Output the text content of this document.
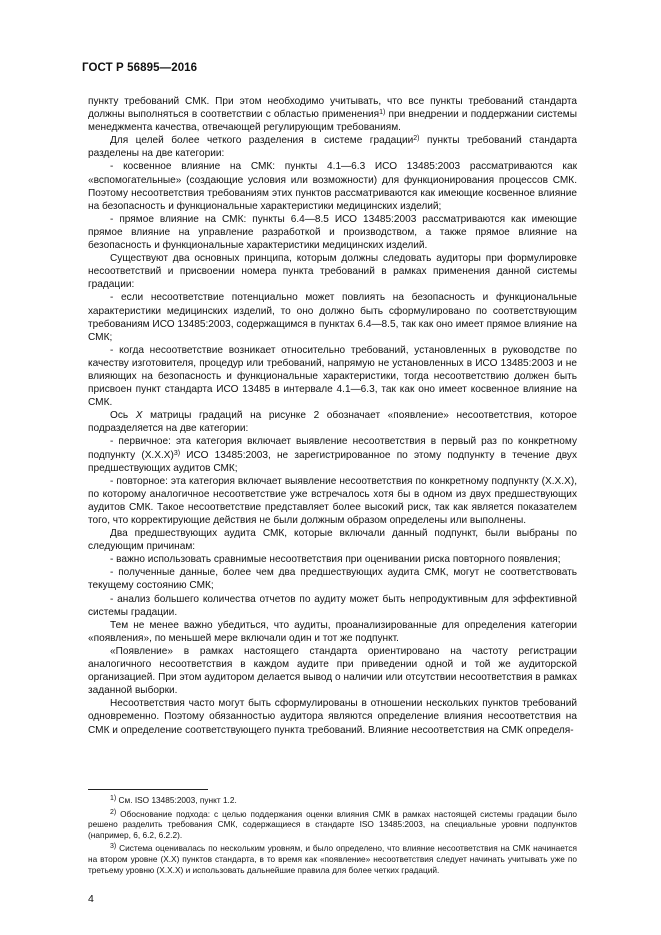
ГОСТ Р 56895—2016

пункту требований СМК. При этом необходимо учитывать, что все пункты требований стандарта должны выполняться в соответствии с областью применения$^{1)}$ при внедрении и поддержании системы менеджмента качества, отвечающей регулирующим требованиям.

Для целей более четкого разделения в системе градации$^{2)}$ пункты требований стандарта разделены на две категории:

- косвенное влияние на СМК: пункты 4.1—6.3 ИСО 13485:2003 рассматриваются как «вспомогательные» (создающие условия или возможности) для функционирования процессов СМК. Поэтому несоответствия требованиям этих пунктов рассматриваются как имеющие косвенное влияние на безопасность и функциональные характеристики медицинских изделий;

- прямое влияние на СМК: пункты 6.4—8.5 ИСО 13485:2003 рассматриваются как имеющие прямое влияние на управление разработкой и производством, а также прямое влияние на безопасность и функциональные характеристики медицинских изделий.

Существуют два основных принципа, которым должны следовать аудиторы при формулировке несоответствий и присвоении номера пункта требований в рамках применения данной системы градации:

- если несоответствие потенциально может повлиять на безопасность и функциональные характеристики медицинских изделий, то оно должно быть сформулировано по соответствующим требованиям ИСО 13485:2003, содержащимся в пунктах 6.4—8.5, так как оно имеет прямое влияние на СМК;

- когда несоответствие возникает относительно требований, установленных в руководстве по качеству изготовителя, процедур или требований, напрямую не установленных в ИСО 13485:2003 и не влияющих на безопасность и функциональные характеристики, тогда несоответствию должен быть присвоен пункт стандарта ИСО 13485 в интервале 4.1—6.3, так как оно имеет косвенное влияние на СМК.

Ось X матрицы градаций на рисунке 2 обозначает «появление» несоответствия, которое подразделяется на две категории:

- первичное: эта категория включает выявление несоответствия в первый раз по конкретному подпункту $(X.X.X)^{3)}$ ИСО 13485:2003, не зарегистрированное по этому подпункту в течение двух предшествующих аудитов СМК;

- повторное: эта категория включает выявление несоответствия по конкретному подпункту (X.X.X), по которому аналогичное несоответствие уже встречалось хотя бы в одном из двух предшествующих аудитов СМК. Такое несоответствие представляет более высокий риск, так как является показателем того, что корректирующие действия не были должным образом определены или выполнены.

Два предшествующих аудита СМК, которые включали данный подпункт, были выбраны по следующим причинам:

- важно использовать сравнимые несоответствия при оценивании риска повторного появления;

- полученные данные, более чем два предшествующих аудита СМК, могут не соответствовать текущему состоянию СМК;

- анализ большего количества отчетов по аудиту может быть непродуктивным для эффективной системы градации.

Тем не менее важно убедиться, что аудиты, проанализированные для определения категории «появления», по меньшей мере включали один и тот же подпункт.

«Появление» в рамках настоящего стандарта ориентировано на частоту регистрации аналогичного несоответствия в каждом аудите при приведении одной и той же аудиторской организацией. При этом аудитором делается вывод о наличии или отсутствии несоответствия в рамках заданной выборки.

Несоответствия часто могут быть сформулированы в отношении нескольких пунктов требований одновременно. Поэтому обязанностью аудитора являются определение влияния несоответствия на СМК и определение соответствующего пункта требований. Влияние несоответствия на СМК определя-

$^{1)}$ См. ISO 13485:2003, пункт 1.2.

$^{2)}$ Обоснование подхода: с целью поддержания оценки влияния СМК в рамках настоящей системы градации было решено разделить требования СМК, содержащиеся в стандарте ISO 13485:2003, на специальные уровни подпунктов (например, 6, 6.2, 6.2.2).

$^{3)}$ Система оценивалась по нескольким уровням, и было определено, что влияние несоответствия на СМК начинается на втором уровне (X.X) пунктов стандарта, в то время как «появление» несоответствия следует начинать учитывать уже по третьему уровню (X.X.X) и использовать дальнейшие правила для более четких градаций.

4
